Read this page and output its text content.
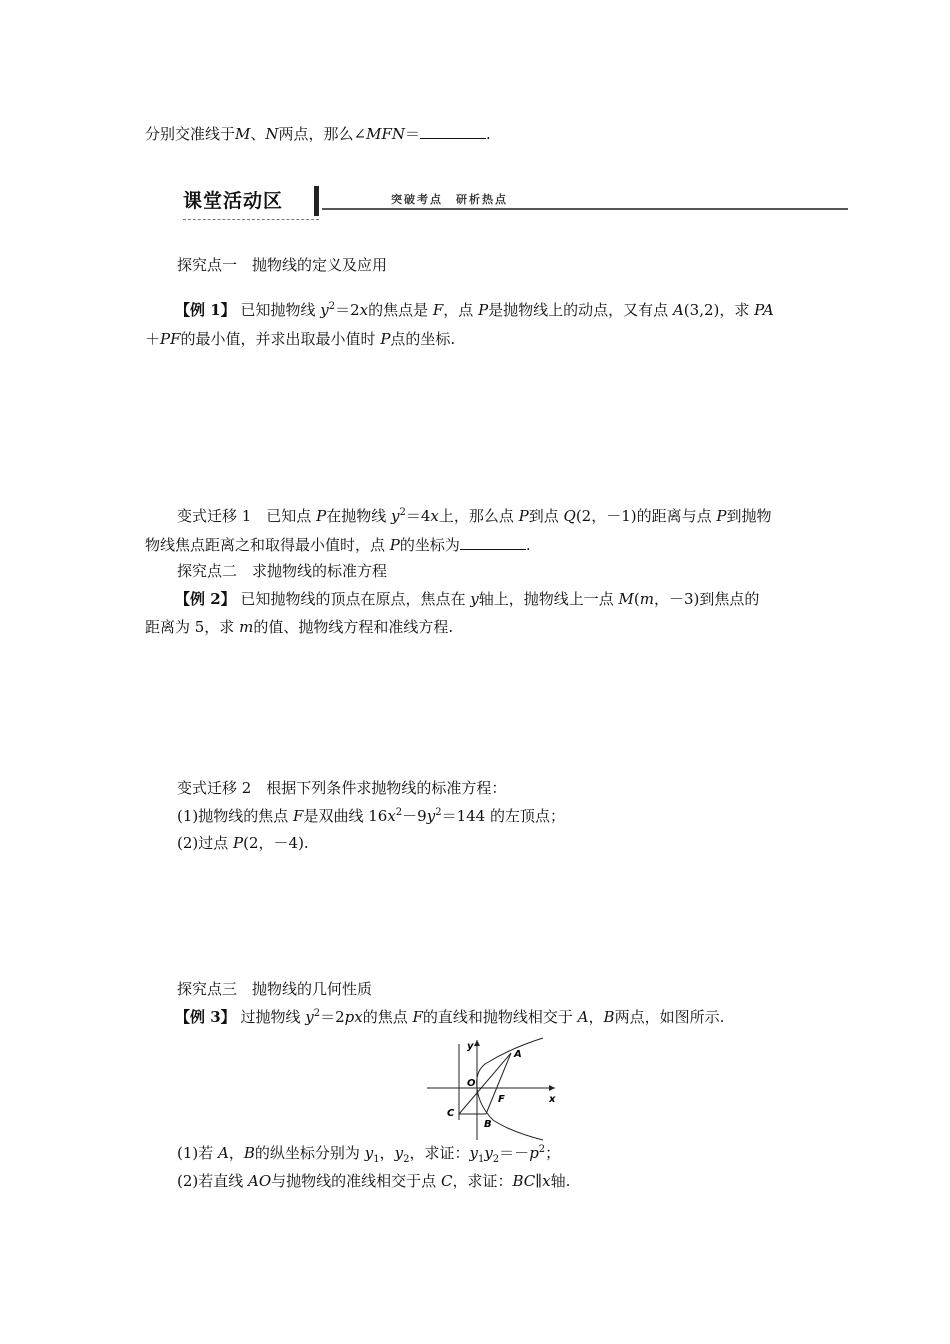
分别交准线于M、N两点，那么∠MFN＝	.
课堂活动区	突破考点　研析热点
探究点一　抛物线的定义及应用
【例 1】 已知抛物线 $y^2=2x$的焦点是 F，点 P是抛物线上的动点，又有点 A(3,2)，求 PA
＋PF的最小值，并求出取最小值时 P点的坐标.
变式迁移 1　已知点 P在抛物线 $y^2=4x$上，那么点 P到点 Q(2，－1)的距离与点 P到抛物
物线焦点距离之和取得最小值时，点 P的坐标为	.
探究点二　求抛物线的标准方程
【例 2】 已知抛物线的顶点在原点，焦点在 y轴上，抛物线上一点 M(m，－3)到焦点的
距离为 5，求 m的值、抛物线方程和准线方程.
变式迁移 2　根据下列条件求抛物线的标准方程：
(1)抛物线的焦点 F是双曲线 $16x^2-9y^2=144$ 的左顶点；
(2)过点 P(2，－4).
探究点三　抛物线的几何性质
【例 3】 过抛物线 $y^2=2px$的焦点 F的直线和抛物线相交于 A，B两点，如图所示.
y
x
O
A
F
B
C
(1)若 A，B的纵坐标分别为 $y_1$，$y_2$，求证：$y_1y_2=-p^2$；
(2)若直线 AO与抛物线的准线相交于点 C，求证：BC∥x轴.
